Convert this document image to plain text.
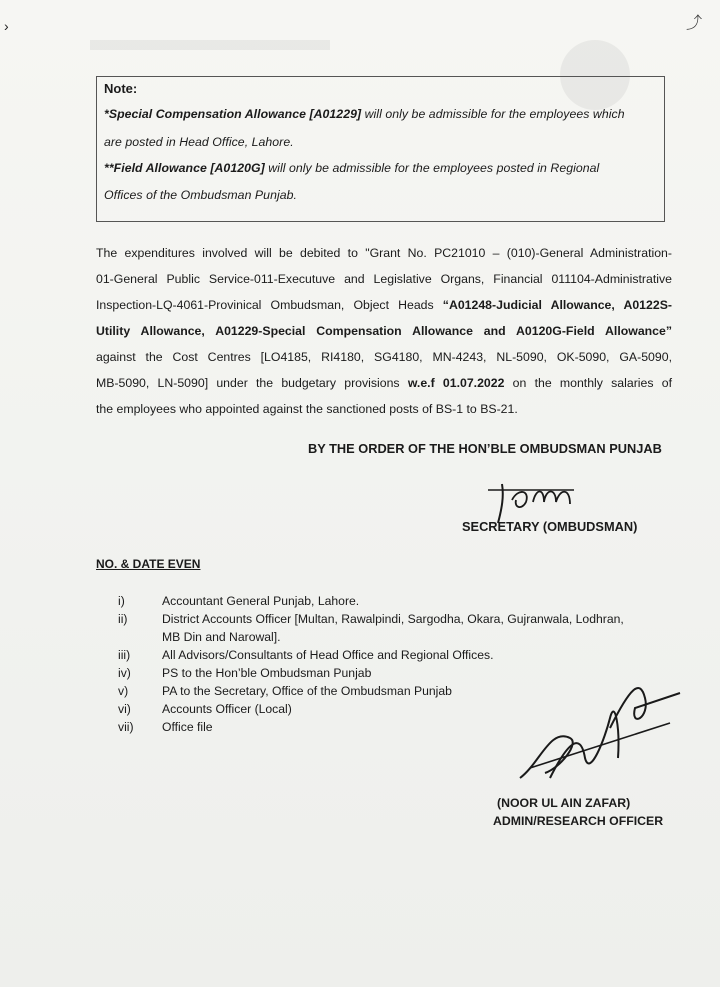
›	⤴
Note:
*Special Compensation Allowance [A01229] will only be admissible for the employees which
are posted in Head Office, Lahore.
**Field Allowance [A0120G] will only be admissible for the employees posted in Regional
Offices of the Ombudsman Punjab.
The expenditures involved will be debited to "Grant No. PC21010 – (010)-General Administration-
01-General Public Service-011-Executuve and Legislative Organs, Financial 011104-Administrative
Inspection-LQ-4061-Provinical Ombudsman, Object Heads “A01248-Judicial Allowance, A0122S-
Utility Allowance, A01229-Special Compensation Allowance and A0120G-Field Allowance”
against the Cost Centres [LO4185, RI4180, SG4180, MN-4243, NL-5090, OK-5090, GA-5090,
MB-5090, LN-5090] under the budgetary provisions w.e.f 01.07.2022 on the monthly salaries of
the employees who appointed against the sanctioned posts of BS-1 to BS-21.
BY THE ORDER OF THE HON’BLE OMBUDSMAN PUNJAB
SECRETARY (OMBUDSMAN)
NO. & DATE EVEN
i)	Accountant General Punjab, Lahore.
ii)	District Accounts Officer [Multan, Rawalpindi, Sargodha, Okara, Gujranwala, Lodhran,
MB Din and Narowal].
iii)	All Advisors/Consultants of Head Office and Regional Offices.
iv)	PS to the Hon’ble Ombudsman Punjab
v)	PA to the Secretary, Office of the Ombudsman Punjab
vi)	Accounts Officer (Local)
vii)	Office file
(NOOR UL AIN ZAFAR)
ADMIN/RESEARCH OFFICER
